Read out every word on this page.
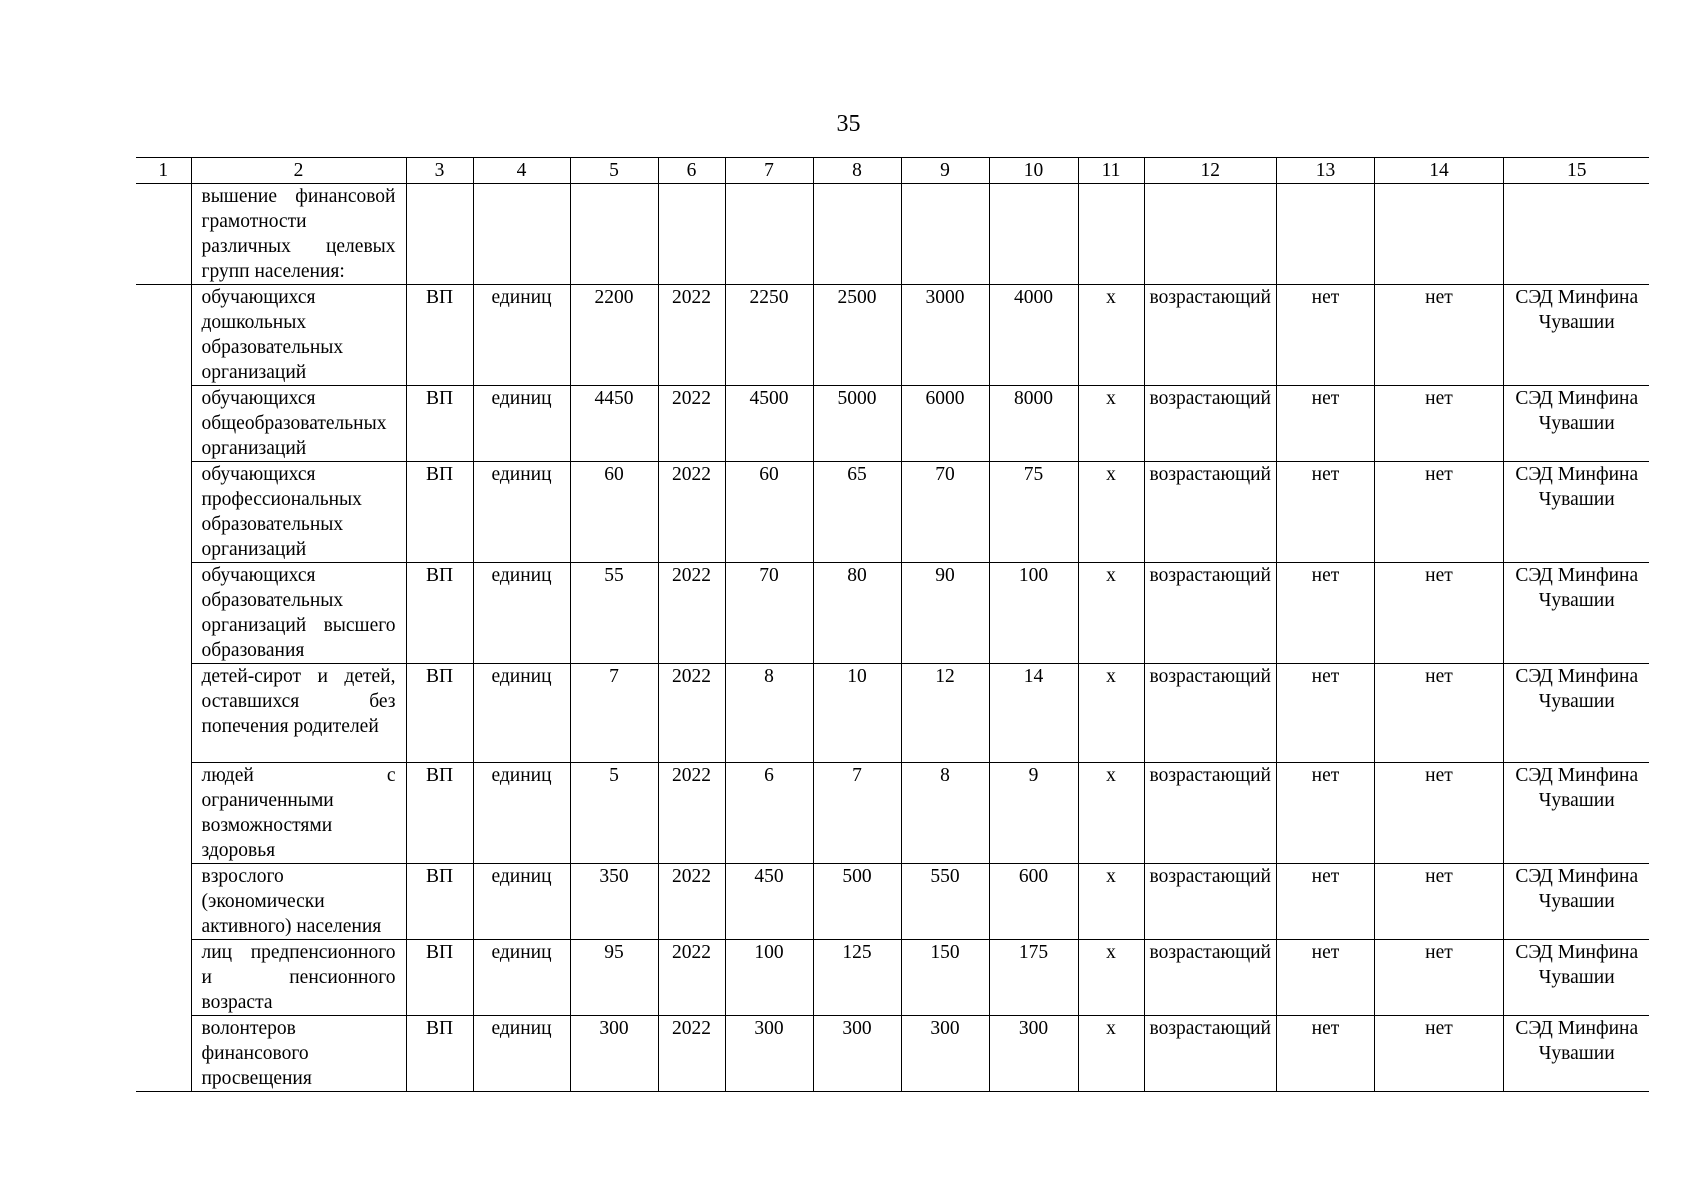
35
1	2	3	4	5	6	7	8	9	10	11	12	13	14	15
	вышение финансовой грамотности различных целевых групп населения:													
	обучающихся дошкольных образовательных организаций	ВП	единиц	2200	2022	2250	2500	3000	4000	х	возрастающий	нет	нет	СЭД Минфина Чувашии
	обучающихся общеобразовательных организаций	ВП	единиц	4450	2022	4500	5000	6000	8000	х	возрастающий	нет	нет	СЭД Минфина Чувашии
	обучающихся профессиональных образовательных организаций	ВП	единиц	60	2022	60	65	70	75	х	возрастающий	нет	нет	СЭД Минфина Чувашии
	обучающихся образовательных организаций высшего образования	ВП	единиц	55	2022	70	80	90	100	х	возрастающий	нет	нет	СЭД Минфина Чувашии
	детей-сирот и детей, оставшихся без попечения родителей	ВП	единиц	7	2022	8	10	12	14	х	возрастающий	нет	нет	СЭД Минфина Чувашии
	людей с ограниченными возможностями здоровья	ВП	единиц	5	2022	6	7	8	9	х	возрастающий	нет	нет	СЭД Минфина Чувашии
	взрослого (экономически активного) населения	ВП	единиц	350	2022	450	500	550	600	х	возрастающий	нет	нет	СЭД Минфина Чувашии
	лиц предпенсионного и пенсионного возраста	ВП	единиц	95	2022	100	125	150	175	х	возрастающий	нет	нет	СЭД Минфина Чувашии
	волонтеров финансового просвещения	ВП	единиц	300	2022	300	300	300	300	х	возрастающий	нет	нет	СЭД Минфина Чувашии
